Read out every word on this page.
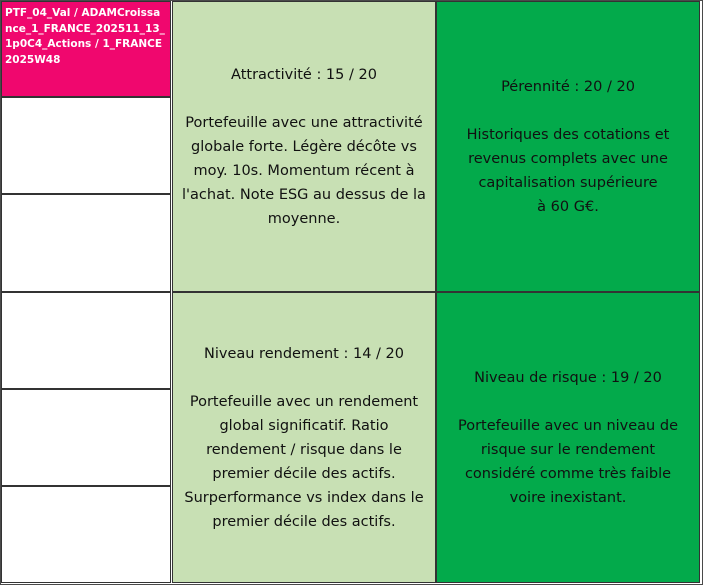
PTF_04_Val / ADAMCroissance_1_FRANCE_202511_13_1p0C4_Actions / 1_FRANCE 2025W48
Attractivité : 15 / 20
Portefeuille avec une attractivité
globale forte. Légère décôte vs
moy. 10s. Momentum récent à
l'achat. Note ESG au dessus de la
moyenne.
Pérennité : 20 / 20
Historiques des cotations et
revenus complets avec une
capitalisation supérieure
à 60 G€.
Niveau rendement : 14 / 20
Portefeuille avec un rendement
global significatif. Ratio
rendement / risque dans le
premier décile des actifs.
Surperformance vs index dans le
premier décile des actifs.
Niveau de risque : 19 / 20
Portefeuille avec un niveau de
risque sur le rendement
considéré comme très faible
voire inexistant.
